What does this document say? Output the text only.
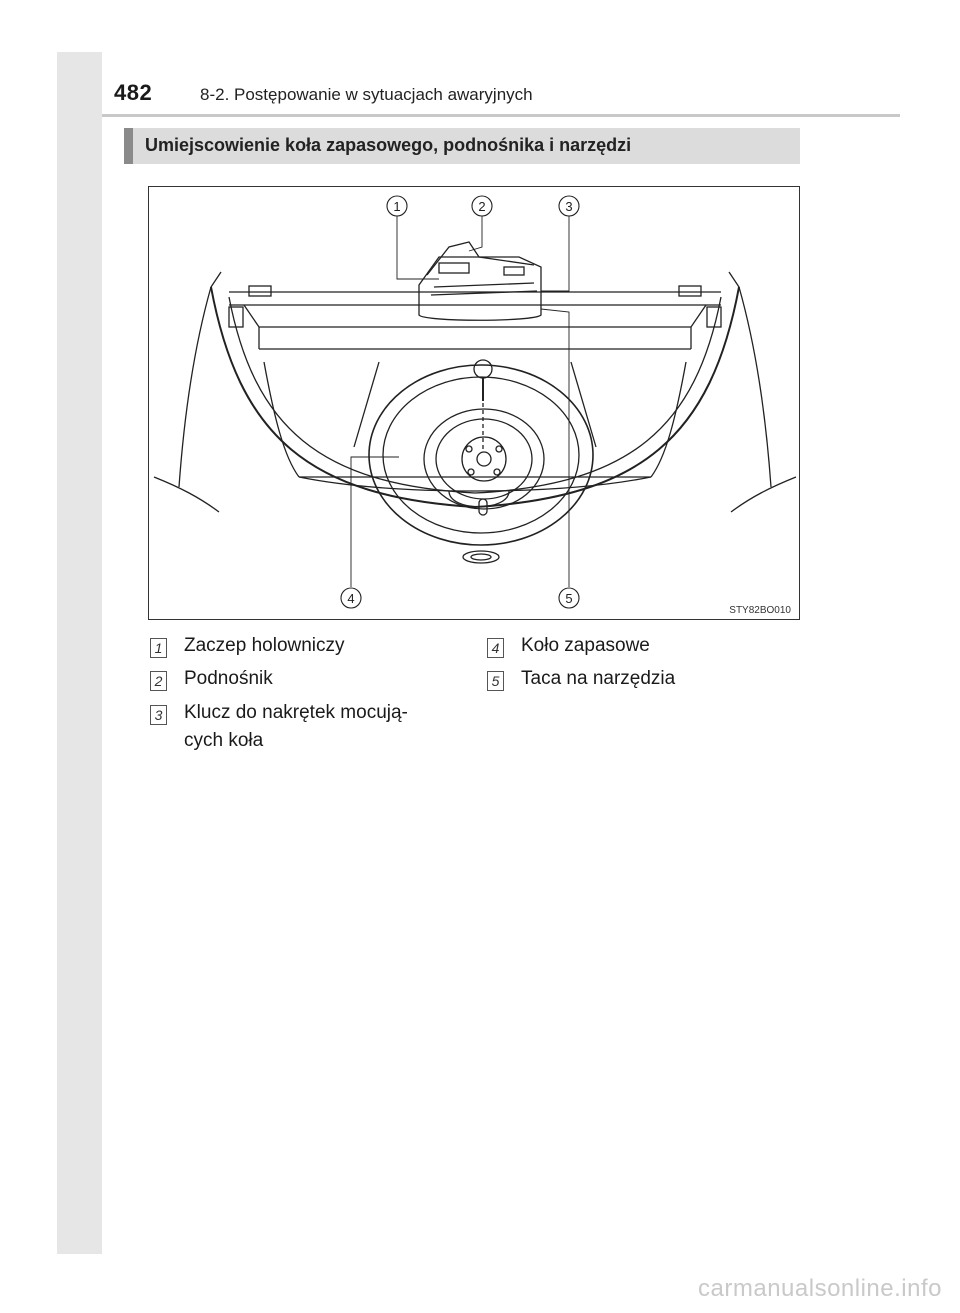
482	8-2. Postępowanie w sytuacjach awaryjnych
Umiejscowienie koła zapasowego, podnośnika i narzędzi
1	2	3
4	5
STY82BO010
1 Zaczep holowniczy
2 Podnośnik
3 Klucz do nakrętek mocują-
cych koła
4 Koło zapasowe
5 Taca na narzędzia
carmanualsonline.info
